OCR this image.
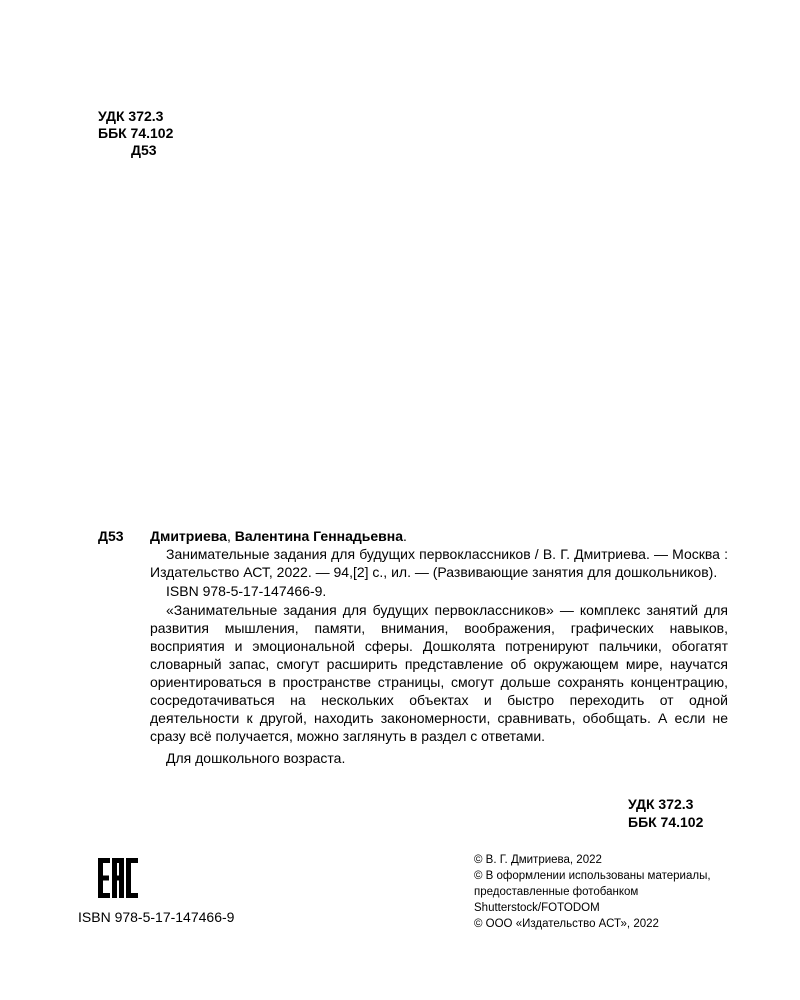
УДК 372.3
ББК 74.102
Д53
Д53 Дмитриева, Валентина Геннадьевна.

Занимательные задания для будущих первоклассников / В. Г. Дмитриева. — Москва : Издательство АСТ, 2022. — 94,[2] с., ил. — (Развивающие занятия для дошкольников).

ISBN 978-5-17-147466-9.

«Занимательные задания для будущих первоклассников» — комплекс занятий для развития мышления, памяти, внимания, воображения, графических навыков, восприятия и эмоциональной сферы. Дошколята потренируют пальчики, обогатят словарный запас, смогут расширить представление об окружающем мире, научатся ориентироваться в пространстве страницы, смогут дольше сохранять концентрацию, сосредотачиваться на нескольких объектах и быстро переходить от одной деятельности к другой, находить закономерности, сравнивать, обобщать. А если не сразу всё получается, можно заглянуть в раздел с ответами.

Для дошкольного возраста.

УДК 372.3
ББК 74.102
ISBN 978-5-17-147466-9
© В. Г. Дмитриева, 2022
© В оформлении использованы материалы,
предоставленные фотобанком
Shutterstock/FOTODOM
© ООО «Издательство АСТ», 2022
